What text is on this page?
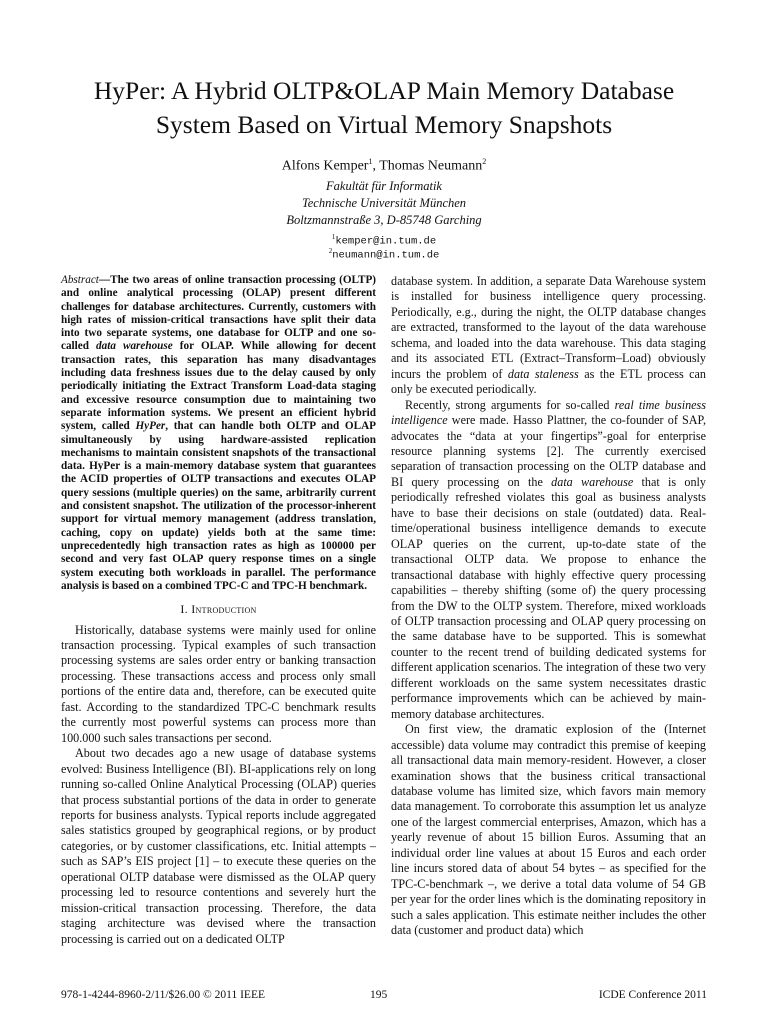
HyPer: A Hybrid OLTP&OLAP Main Memory Database
System Based on Virtual Memory Snapshots
Alfons Kemper$^1$, Thomas Neumann$^2$
Fakultät für Informatik
Technische Universität München
Boltzmannstraße 3, D-85748 Garching
$^1$kemper@in.tum.de
$^2$neumann@in.tum.de
Abstract—The two areas of online transaction processing (OLTP) and online analytical processing (OLAP) present different challenges for database architectures. Currently, customers with high rates of mission-critical transactions have split their data into two separate systems, one database for OLTP and one so-called data warehouse for OLAP. While allowing for decent transaction rates, this separation has many disadvantages including data freshness issues due to the delay caused by only periodically initiating the Extract Transform Load-data staging and excessive resource consumption due to maintaining two separate information systems. We present an efficient hybrid system, called HyPer, that can handle both OLTP and OLAP simultaneously by using hardware-assisted replication mechanisms to maintain consistent snapshots of the transactional data. HyPer is a main-memory database system that guarantees the ACID properties of OLTP transactions and executes OLAP query sessions (multiple queries) on the same, arbitrarily current and consistent snapshot. The utilization of the processor-inherent support for virtual memory management (address translation, caching, copy on update) yields both at the same time: unprecedentedly high transaction rates as high as 100000 per second and very fast OLAP query response times on a single system executing both workloads in parallel. The performance analysis is based on a combined TPC-C and TPC-H benchmark.
I. Introduction

Historically, database systems were mainly used for online transaction processing. Typical examples of such transaction processing systems are sales order entry or banking transaction processing. These transactions access and process only small portions of the entire data and, therefore, can be executed quite fast. According to the standardized TPC-C benchmark results the currently most powerful systems can process more than 100.000 such sales transactions per second.

About two decades ago a new usage of database systems evolved: Business Intelligence (BI). BI-applications rely on long running so-called Online Analytical Processing (OLAP) queries that process substantial portions of the data in order to generate reports for business analysts. Typical reports include aggregated sales statistics grouped by geographical regions, or by product categories, or by customer classifications, etc. Initial attempts – such as SAP’s EIS project [1] – to execute these queries on the operational OLTP database were dismissed as the OLAP query processing led to resource contentions and severely hurt the mission-critical transaction processing. Therefore, the data staging architecture was devised where the transaction processing is carried out on a dedicated OLTP

database system. In addition, a separate Data Warehouse system is installed for business intelligence query processing. Periodically, e.g., during the night, the OLTP database changes are extracted, transformed to the layout of the data warehouse schema, and loaded into the data warehouse. This data staging and its associated ETL (Extract–Transform–Load) obviously incurs the problem of data staleness as the ETL process can only be executed periodically.

Recently, strong arguments for so-called real time business intelligence were made. Hasso Plattner, the co-founder of SAP, advocates the “data at your fingertips”-goal for enterprise resource planning systems [2]. The currently exercised separation of transaction processing on the OLTP database and BI query processing on the data warehouse that is only periodically refreshed violates this goal as business analysts have to base their decisions on stale (outdated) data. Real-time/operational business intelligence demands to execute OLAP queries on the current, up-to-date state of the transactional OLTP data. We propose to enhance the transactional database with highly effective query processing capabilities – thereby shifting (some of) the query processing from the DW to the OLTP system. Therefore, mixed workloads of OLTP transaction processing and OLAP query processing on the same database have to be supported. This is somewhat counter to the recent trend of building dedicated systems for different application scenarios. The integration of these two very different workloads on the same system necessitates drastic performance improvements which can be achieved by main-memory database architectures.

On first view, the dramatic explosion of the (Internet accessible) data volume may contradict this premise of keeping all transactional data main memory-resident. However, a closer examination shows that the business critical transactional database volume has limited size, which favors main memory data management. To corroborate this assumption let us analyze one of the largest commercial enterprises, Amazon, which has a yearly revenue of about 15 billion Euros. Assuming that an individual order line values at about 15 Euros and each order line incurs stored data of about 54 bytes – as specified for the TPC-C-benchmark –, we derive a total data volume of 54 GB per year for the order lines which is the dominating repository in such a sales application. This estimate neither includes the other data (customer and product data) which

978-1-4244-8960-2/11/$26.00 © 2011 IEEE	195	ICDE Conference 2011
